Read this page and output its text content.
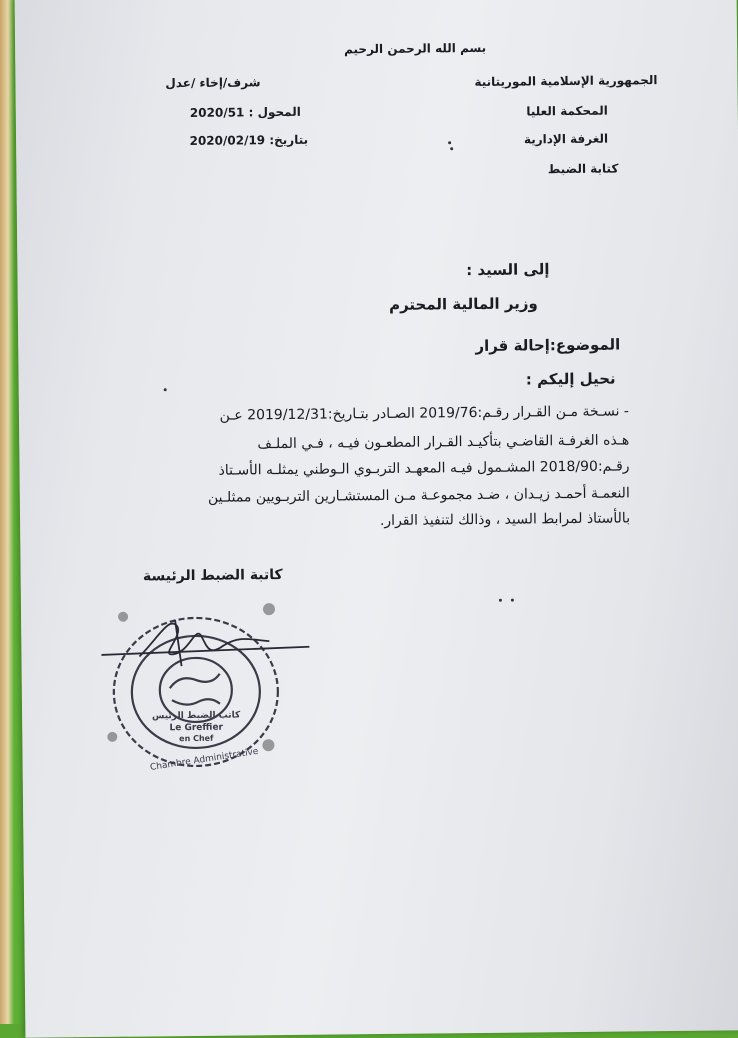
بسم الله الرحمن الرحيم
الجمهورية الإسلامية الموريتانية
المحكمة العليا
الغرفة الإدارية
كتابة الضبط
شرف/إخاء /عدل
المحول : 2020/51
بتاريخ: 2020/02/19
إلى السيد :
وزير المالية المحترم
الموضوع:إحالة قرار
نحيل إليكم :
- نسـخة مـن القـرار رقـم:2019/76 الصـادر بتـاريخ:2019/12/31 عـن
هـذه الغرفـة القاضـي بتأكيـد القـرار المطعـون فيـه ، فـي الملـف
رقـم:2018/90 المشـمول فيـه المعهـد التربـوي الـوطني يمثلـه الأسـتاذ
النعمـة أحمـد زيـدان ، ضـد مجموعـة مـن المستشـارين التربـويين ممثلـين
بالأستاذ لمرابط السيد ، وذالك لتنفيذ القرار.
كاتبة الضبط الرئيسة
كاتب الضبط الرئيس
Le Greffier
en Chef
Chambre Administrative
